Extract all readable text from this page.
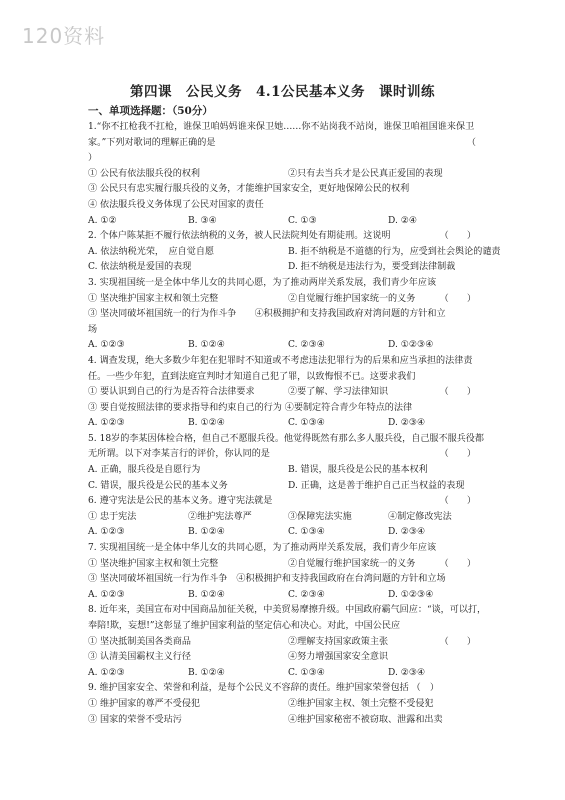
120资料
第四课　公民义务　4.1公民基本义务　课时训练
一、单项选择题：（50分）
1.“你不扛枪我不扛枪，谁保卫咱妈妈谁来保卫她……你不站岗我不站岗，谁保卫咱祖国谁来保卫家。”下列对歌词的理解正确的是	（
）
① 公民有依法服兵役的权利	②只有去当兵才是公民真正爱国的表现
③ 公民只有忠实履行服兵役的义务，才能维护国家安全，更好地保障公民的权利
④ 依法服兵役义务体现了公民对国家的责任
A. ①②	B. ③④	C. ①③	D. ②④
2. 个体户陈某拒不履行依法纳税的义务，被人民法院判处有期徒刑。这说明	（　　）
A. 依法纳税光荣，　应自觉自愿	B. 拒不纳税是不道德的行为，应受到社会舆论的谴责
C. 依法纳税是爱国的表现	D. 拒不纳税是违法行为，要受到法律制裁
3. 实现祖国统一是全体中华儿女的共同心愿，为了推动两岸关系发展，我们青少年应该
① 坚决维护国家主权和领土完整	②自觉履行维护国家统一的义务	（　　）
③ 坚决同破坏祖国统一的行为作斗争　　④积极拥护和支持我国政府对湾问题的方针和立
场
A. ①②③	B. ①②④	C. ②③④	D. ①②③④
4. 调查发现，绝大多数少年犯在犯罪时不知道或不考虑违法犯罪行为的后果和应当承担的法律责任。一些少年犯，直到法庭宣判时才知道自己犯了罪，以致悔恨不已。这要求我们
① 要认识到自己的行为是否符合法律要求	②要了解、学习法律知识	（　　）
③ 要自觉按照法律的要求指导和约束自己的行为 ④要制定符合青少年特点的法律
A. ①②③	B. ①②④	C. ①③④	D. ②③④
5. 18岁的李某因体检合格，但自己不愿服兵役。他觉得既然有那么多人服兵役，自己服不服兵役都无所谓。以下对李某言行的评价，你认同的是	（　　）
A. 正确，服兵役是自愿行为	B. 错误，服兵役是公民的基本权利
C. 错误，服兵役是公民的基本义务	D. 正确，这是善于维护自己正当权益的表现
6. 遵守宪法是公民的基本义务。遵守宪法就是	（　　）
① 忠于宪法	②维护宪法尊严	③保障宪法实施	④制定修改宪法
A. ①②③	B. ①②④	C. ①③④	D. ②③④
7. 实现祖国统一是全体中华儿女的共同心愿，为了推动两岸关系发展，我们青少年应该
① 坚决维护国家主权和领土完整	②自觉履行维护国家统一的义务	（　　）
③ 坚决同破坏祖国统一行为作斗争　④积极拥护和支持我国政府在台湾问题的方针和立场
A. ①②③	B. ①②④	C. ②③④	D. ①②③④
8. 近年来，美国宣布对中国商品加征关税，中美贸易摩擦升级。中国政府霸气回应：“谈，可以打，奉陪!欺，妄想!”这彰显了维护国家利益的坚定信心和决心。对此，中国公民应
① 坚决抵制美国各类商品	②理解支持国家政策主张	（　　）
③ 认清美国霸权主义行径	④努力增强国家安全意识
A. ①②③	B. ①②④	C. ①③④	D. ②③④
9. 维护国家安全、荣誉和利益，是每个公民义不容辞的责任。维护国家荣誉包括 （　）
① 维护国家的尊严不受侵犯	②维护国家主权、领土完整不受侵犯
③ 国家的荣誉不受玷污	④维护国家秘密不被窃取、泄露和出卖
